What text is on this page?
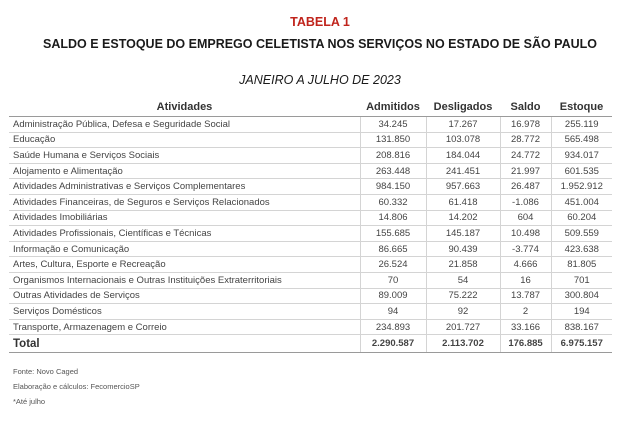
TABELA 1
SALDO E ESTOQUE DO EMPREGO CELETISTA NOS SERVIÇOS NO ESTADO DE SÃO PAULO
JANEIRO A JULHO DE 2023
Atividades	Admitidos	Desligados	Saldo	Estoque
Administração Pública, Defesa e Seguridade Social	34.245	17.267	16.978	255.119
Educação	131.850	103.078	28.772	565.498
Saúde Humana e Serviços Sociais	208.816	184.044	24.772	934.017
Alojamento e Alimentação	263.448	241.451	21.997	601.535
Atividades Administrativas e Serviços Complementares	984.150	957.663	26.487	1.952.912
Atividades Financeiras, de Seguros e Serviços Relacionados	60.332	61.418	-1.086	451.004
Atividades Imobiliárias	14.806	14.202	604	60.204
Atividades Profissionais, Científicas e Técnicas	155.685	145.187	10.498	509.559
Informação e Comunicação	86.665	90.439	-3.774	423.638
Artes, Cultura, Esporte e Recreação	26.524	21.858	4.666	81.805
Organismos Internacionais e Outras Instituições Extraterritoriais	70	54	16	701
Outras Atividades de Serviços	89.009	75.222	13.787	300.804
Serviços Domésticos	94	92	2	194
Transporte, Armazenagem e Correio	234.893	201.727	33.166	838.167
Total	2.290.587	2.113.702	176.885	6.975.157
Fonte: Novo Caged
Elaboração e cálculos: FecomercioSP
*Até julho
